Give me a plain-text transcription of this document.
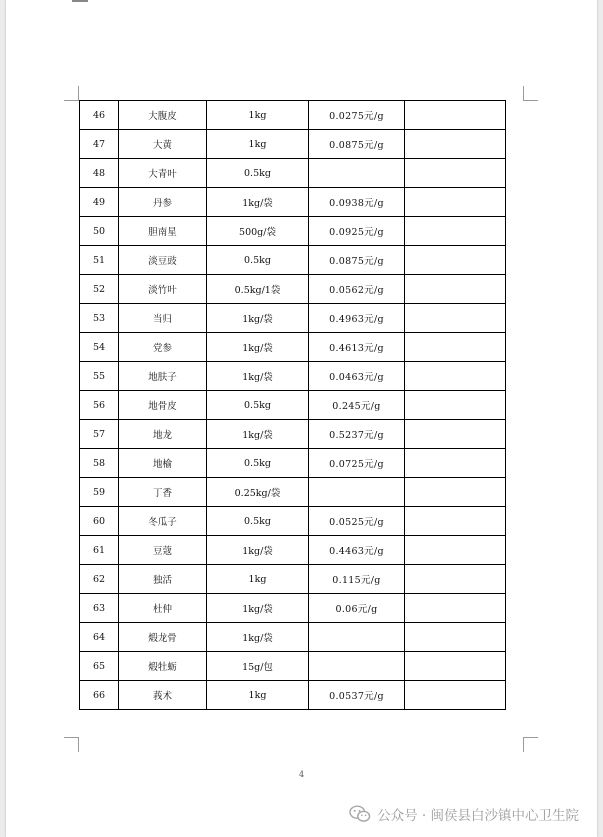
46	大腹皮	1kg	0.0275元/g	
47	大黄	1kg	0.0875元/g	
48	大青叶	0.5kg		
49	丹参	1kg/袋	0.0938元/g	
50	胆南星	500g/袋	0.0925元/g	
51	淡豆豉	0.5kg	0.0875元/g	
52	淡竹叶	0.5kg/1袋	0.0562元/g	
53	当归	1kg/袋	0.4963元/g	
54	党参	1kg/袋	0.4613元/g	
55	地肤子	1kg/袋	0.0463元/g	
56	地骨皮	0.5kg	0.245元/g	
57	地龙	1kg/袋	0.5237元/g	
58	地榆	0.5kg	0.0725元/g	
59	丁香	0.25kg/袋		
60	冬瓜子	0.5kg	0.0525元/g	
61	豆蔻	1kg/袋	0.4463元/g	
62	独活	1kg	0.115元/g	
63	杜仲	1kg/袋	0.06元/g	
64	煅龙骨	1kg/袋		
65	煅牡蛎	15g/包		
66	莪术	1kg	0.0537元/g	
4
公众号 · 闽侯县白沙镇中心卫生院
